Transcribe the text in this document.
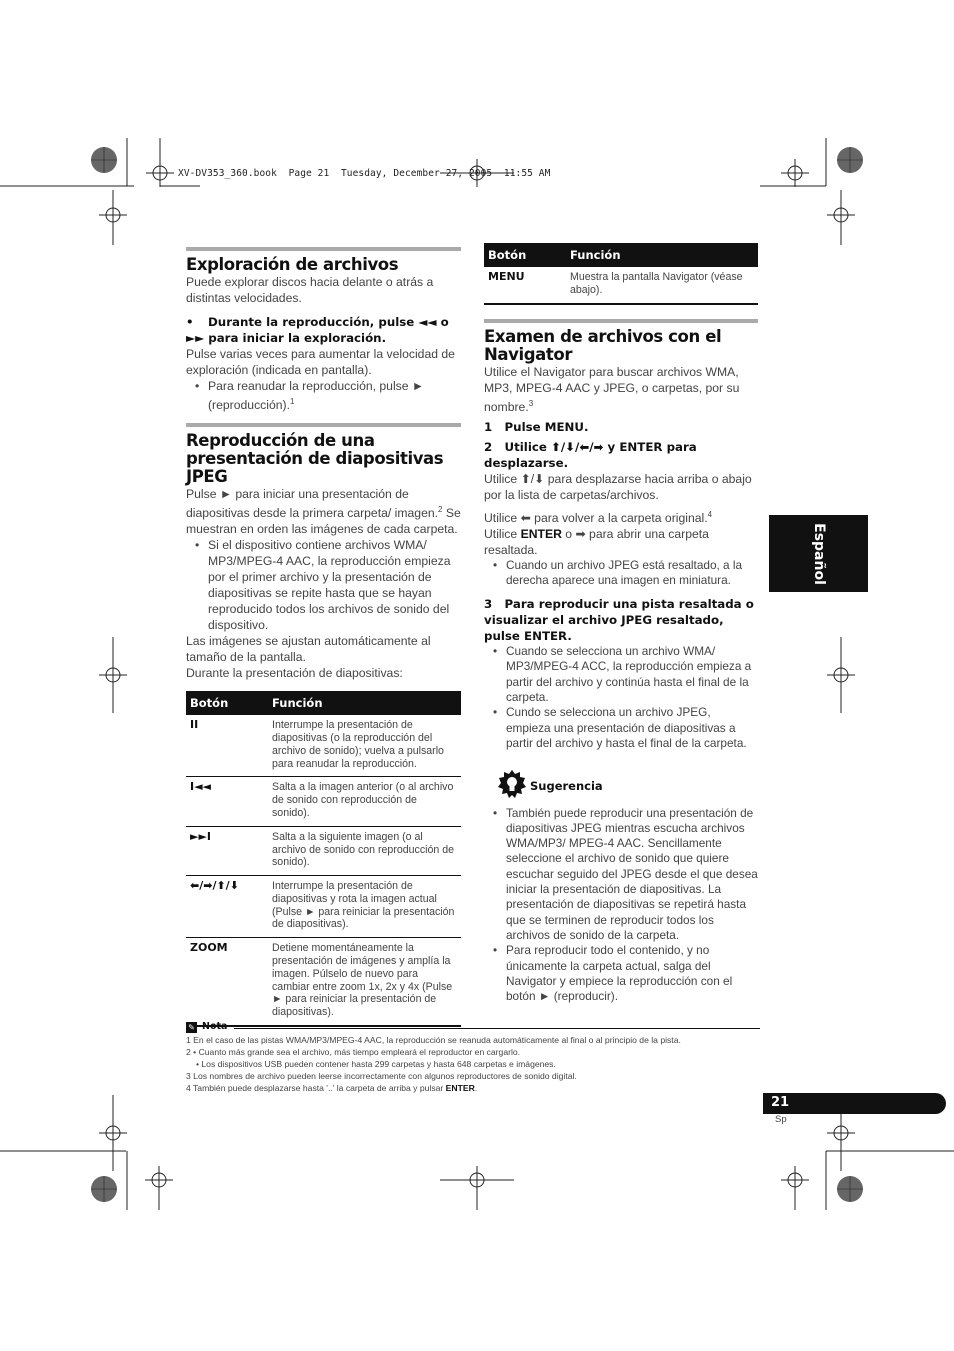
XV-DV353_360.book  Page 21  Tuesday, December 27, 2005  11:55 AM
Exploración de archivos
Puede explorar discos hacia delante o atrás a distintas velocidades.
• Durante la reproducción, pulse ◄◄ o ►► para iniciar la exploración.
Pulse varias veces para aumentar la velocidad de exploración (indicada en pantalla).
• Para reanudar la reproducción, pulse ► (reproducción).$^1$
Reproducción de una presentación de diapositivas JPEG
Pulse ► para iniciar una presentación de diapositivas desde la primera carpeta/ imagen.$^2$ Se muestran en orden las imágenes de cada carpeta.
• Si el dispositivo contiene archivos WMA/ MP3/MPEG-4 AAC, la reproducción empieza por el primer archivo y la presentación de diapositivas se repite hasta que se hayan reproducido todos los archivos de sonido del dispositivo.
Las imágenes se ajustan automáticamente al tamaño de la pantalla.
Durante la presentación de diapositivas:
Botón	Función
II	Interrumpe la presentación de diapositivas (o la reproducción del archivo de sonido); vuelva a pulsarlo para reanudar la reproducción.
I◄◄	Salta a la imagen anterior (o al archivo de sonido con reproducción de sonido).
►►I	Salta a la siguiente imagen (o al archivo de sonido con reproducción de sonido).
⬅/➡/⬆/⬇	Interrumpe la presentación de diapositivas y rota la imagen actual (Pulse ► para reiniciar la presentación de diapositivas).
ZOOM	Detiene momentáneamente la presentación de imágenes y amplía la imagen. Púlselo de nuevo para cambiar entre zoom 1x, 2x y 4x (Pulse ► para reiniciar la presentación de diapositivas).
Botón	Función
MENU	Muestra la pantalla Navigator (véase abajo).
Examen de archivos con el Navigator
Utilice el Navigator para buscar archivos WMA, MP3, MPEG-4 AAC y JPEG, o carpetas, por su nombre.$^3$
1   Pulse MENU.
2   Utilice ⬆/⬇/⬅/➡ y ENTER para desplazarse.
Utilice ⬆/⬇ para desplazarse hacia arriba o abajo por la lista de carpetas/archivos.
Utilice ⬅ para volver a la carpeta original.$^4$
Utilice ENTER o ➡ para abrir una carpeta resaltada.
• Cuando un archivo JPEG está resaltado, a la derecha aparece una imagen en miniatura.
3   Para reproducir una pista resaltada o visualizar el archivo JPEG resaltado, pulse ENTER.
• Cuando se selecciona un archivo WMA/ MP3/MPEG-4 ACC, la reproducción empieza a partir del archivo y continúa hasta el final de la carpeta.
• Cundo se selecciona un archivo JPEG, empieza una presentación de diapositivas a partir del archivo y hasta el final de la carpeta.
Sugerencia
• También puede reproducir una presentación de diapositivas JPEG mientras escucha archivos WMA/MP3/ MPEG-4 AAC. Sencillamente seleccione el archivo de sonido que quiere escuchar seguido del JPEG desde el que desea iniciar la presentación de diapositivas. La presentación de diapositivas se repetirá hasta que se terminen de reproducir todos los archivos de sonido de la carpeta.
• Para reproducir todo el contenido, y no únicamente la carpeta actual, salga del Navigator y empiece la reproducción con el botón ► (reproducir).
Español
✎ Nota
1 En el caso de las pistas WMA/MP3/MPEG-4 AAC, la reproducción se reanuda automáticamente al final o al principio de la pista.
2 • Cuanto más grande sea el archivo, más tiempo empleará el reproductor en cargarlo.
• Los dispositivos USB pueden contener hasta 299 carpetas y hasta 648 carpetas e imágenes.
3 Los nombres de archivo pueden leerse incorrectamente con algunos reproductores de sonido digital.
4 También puede desplazarse hasta '..' la carpeta de arriba y pulsar ENTER.
21
Sp
